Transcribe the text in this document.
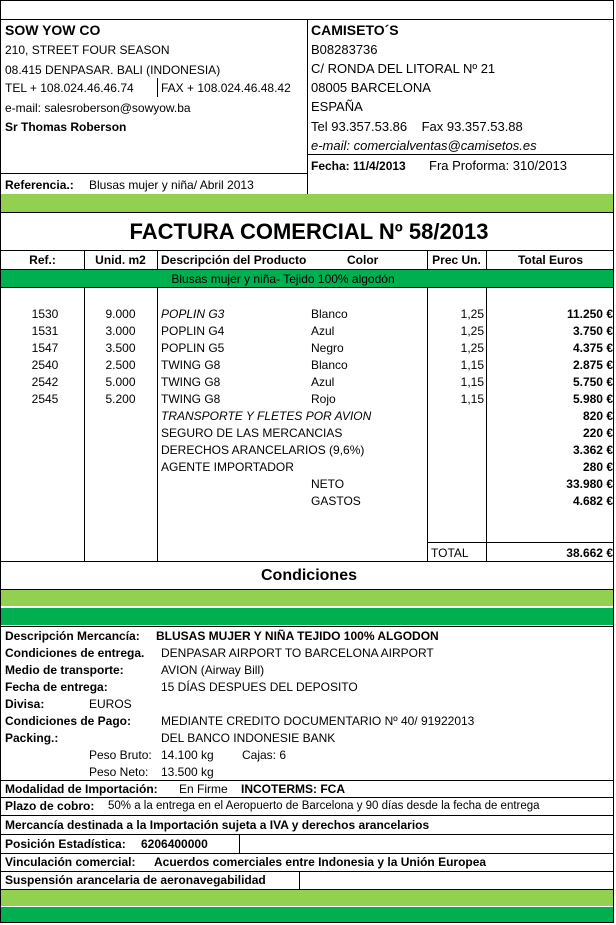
SOW YOW CO
210, STREET FOUR SEASON
08.415 DENPASAR. BALI (INDONESIA)
TEL + 108.024.46.46.74 FAX + 108.024.46.48.42
e-mail: salesroberson@sowyow.ba
Sr Thomas Roberson
CAMISETO´S
B08283736
C/ RONDA DEL LITORAL Nº 21
08005 BARCELONA
ESPAÑA
Tel 93.357.53.86    Fax 93.357.53.88
e-mail: comercialventas@camisetos.es
Fecha: 11/4/2013 Fra Proforma: 310/2013
Referencia.: Blusas mujer y niña/ Abril 2013
FACTURA COMERCIAL Nº 58/2013
Ref.:	Unid. m2	Descripción del Producto	Color	Prec Un.	Total Euros
Blusas mujer y niña- Tejido 100% algodón
1530	9.000	POPLIN G3	Blanco	1,25	11.250 €
1531	3.000	POPLIN G4	Azul	1,25	3.750 €
1547	3.500	POPLIN G5	Negro	1,25	4.375 €
2540	2.500	TWING G8	Blanco	1,15	2.875 €
2542	5.000	TWING G8	Azul	1,15	5.750 €
2545	5.200	TWING G8	Rojo	1,15	5.980 €
TRANSPORTE Y FLETES POR AVION	820 €
SEGURO DE LAS MERCANCIAS	220 €
DERECHOS ARANCELARIOS (9,6%)	3.362 €
AGENTE IMPORTADOR	280 €
NETO	33.980 €
GASTOS	4.682 €
TOTAL	38.662 €
Condiciones
Descripción Mercancía: BLUSAS MUJER Y NIÑA TEJIDO 100% ALGODON
Condiciones de entrega. DENPASAR AIRPORT TO BARCELONA AIRPORT
Medio de transporte:	AVION (Airway Bill)
Fecha de entrega:	15 DÍAS DESPUES DEL DEPOSITO
Divisa:	EUROS
Condiciones de Pago: MEDIANTE CREDITO DOCUMENTARIO Nº 40/ 91922013
Packing.:	DEL BANCO INDONESIE BANK
Peso Bruto: 14.100 kg Cajas: 6
Peso Neto: 13.500 kg
Modalidad de Importación: En Firme INCOTERMS: FCA
Plazo de cobro: 50% a la entrega en el Aeropuerto de Barcelona y 90 días desde la fecha de entrega
Mercancía destinada a la Importación sujeta a IVA y derechos arancelarios
Posición Estadística: 6206400000
Vinculación comercial: Acuerdos comerciales entre Indonesia y la Unión Europea
Suspensión arancelaria de aeronavegabilidad
